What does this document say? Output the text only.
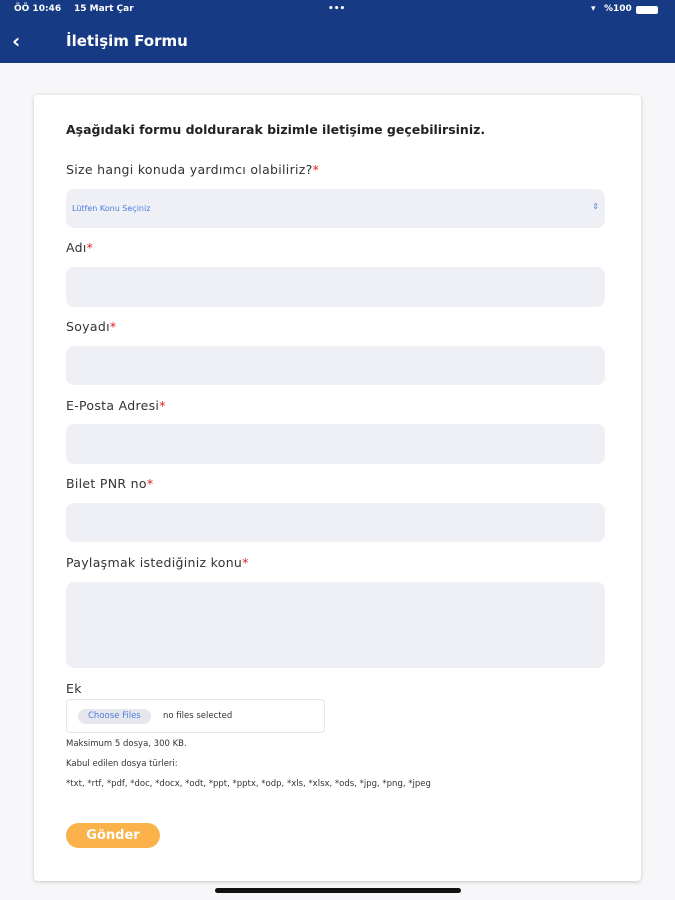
ÖÖ 10:46 15 Mart Çar	•••	▾ %100
‹	İletişim Formu
Aşağıdaki formu doldurarak bizimle iletişime geçebilirsiniz.
Size hangi konuda yardımcı olabiliriz?*
Lütfen Konu Seçiniz	⇕
Adı*
Soyadı*
E-Posta Adresi*
Bilet PNR no*
Paylaşmak istediğiniz konu*
Ek
Choose Files	no files selected
Maksimum 5 dosya, 300 KB.
Kabul edilen dosya türleri:
*txt, *rtf, *pdf, *doc, *docx, *odt, *ppt, *pptx, *odp, *xls, *xlsx, *ods, *jpg, *png, *jpeg
Gönder
